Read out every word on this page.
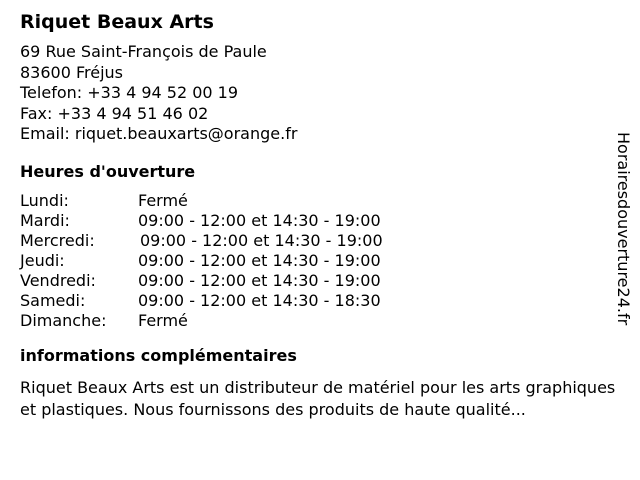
Riquet Beaux Arts
69 Rue Saint-François de Paule
83600 Fréjus
Telefon: +33 4 94 52 00 19
Fax: +33 4 94 51 46 02
Email: riquet.beauxarts@orange.fr
Heures d'ouverture
Lundi:	Fermé
Mardi:	09:00 - 12:00 et 14:30 - 19:00
Mercredi:	09:00 - 12:00 et 14:30 - 19:00
Jeudi:	09:00 - 12:00 et 14:30 - 19:00
Vendredi:	09:00 - 12:00 et 14:30 - 19:00
Samedi:	09:00 - 12:00 et 14:30 - 18:30
Dimanche:	Fermé
informations complémentaires
Riquet Beaux Arts est un distributeur de matériel pour les arts graphiques et plastiques. Nous fournissons des produits de haute qualité...
Horairesdouverture24.fr
